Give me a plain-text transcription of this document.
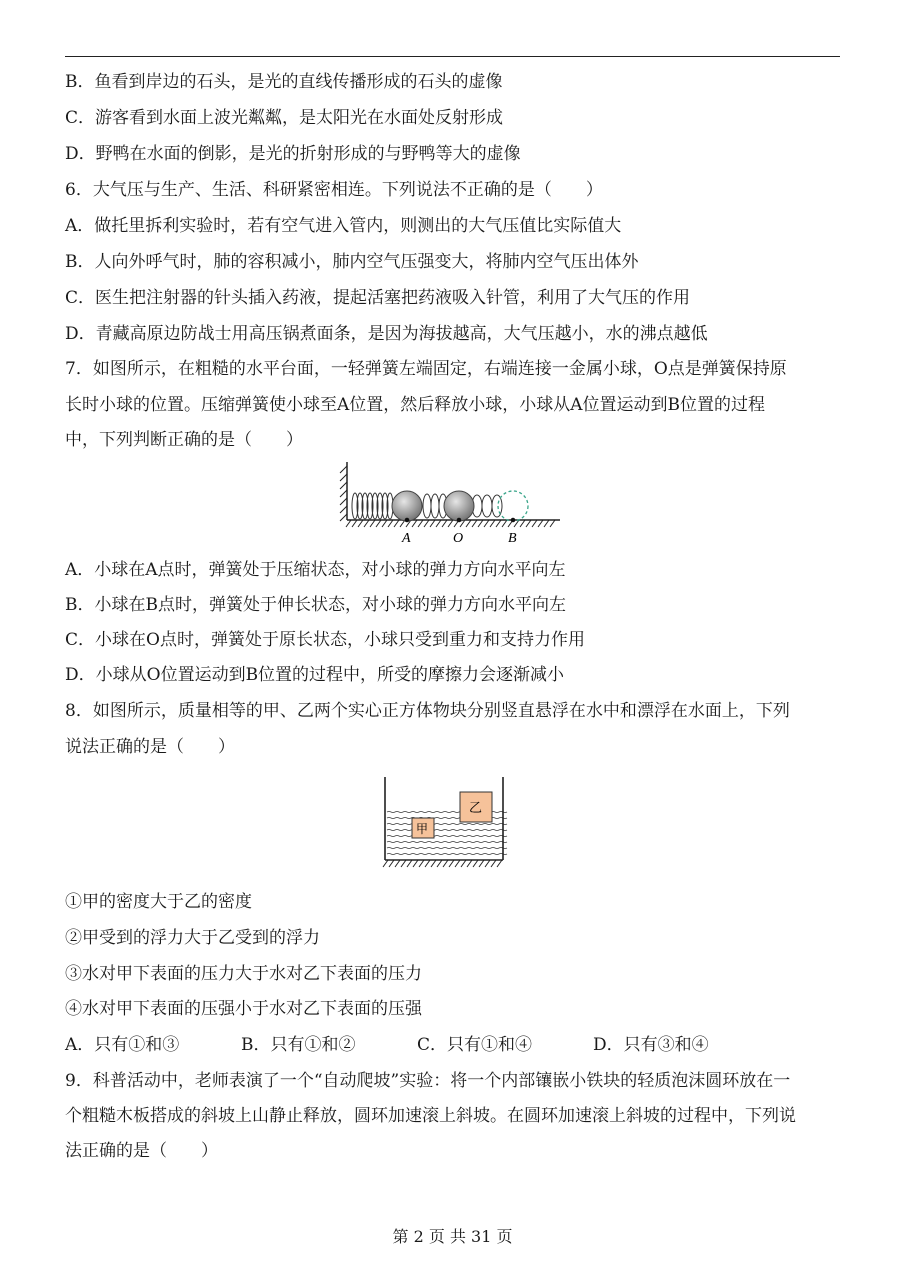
B．鱼看到岸边的石头，是光的直线传播形成的石头的虚像
C．游客看到水面上波光粼粼，是太阳光在水面处反射形成
D．野鸭在水面的倒影，是光的折射形成的与野鸭等大的虚像
6．大气压与生产、生活、科研紧密相连。下列说法不正确的是（　　）
A．做托里拆利实验时，若有空气进入管内，则测出的大气压值比实际值大
B．人向外呼气时，肺的容积减小，肺内空气压强变大，将肺内空气压出体外
C．医生把注射器的针头插入药液，提起活塞把药液吸入针管，利用了大气压的作用
D．青藏高原边防战士用高压锅煮面条，是因为海拔越高，大气压越小，水的沸点越低
7．如图所示，在粗糙的水平台面，一轻弹簧左端固定，右端连接一金属小球，O点是弹簧保持原
长时小球的位置。压缩弹簧使小球至A位置，然后释放小球，小球从A位置运动到B位置的过程
中，下列判断正确的是（　　）
A	O	B
A．小球在A点时，弹簧处于压缩状态，对小球的弹力方向水平向左
B．小球在B点时，弹簧处于伸长状态，对小球的弹力方向水平向左
C．小球在O点时，弹簧处于原长状态，小球只受到重力和支持力作用
D．小球从O位置运动到B位置的过程中，所受的摩擦力会逐渐减小
8．如图所示，质量相等的甲、乙两个实心正方体物块分别竖直悬浮在水中和漂浮在水面上，下列
说法正确的是（　　）
甲
乙
①甲的密度大于乙的密度
②甲受到的浮力大于乙受到的浮力
③水对甲下表面的压力大于水对乙下表面的压力
④水对甲下表面的压强小于水对乙下表面的压强
A．只有①和③	B．只有①和②	C．只有①和④	D．只有③和④
9．科普活动中，老师表演了一个“自动爬坡”实验：将一个内部镶嵌小铁块的轻质泡沫圆环放在一
个粗糙木板搭成的斜坡上山静止释放，圆环加速滚上斜坡。在圆环加速滚上斜坡的过程中，下列说
法正确的是（　　）
第 2 页 共 31 页
